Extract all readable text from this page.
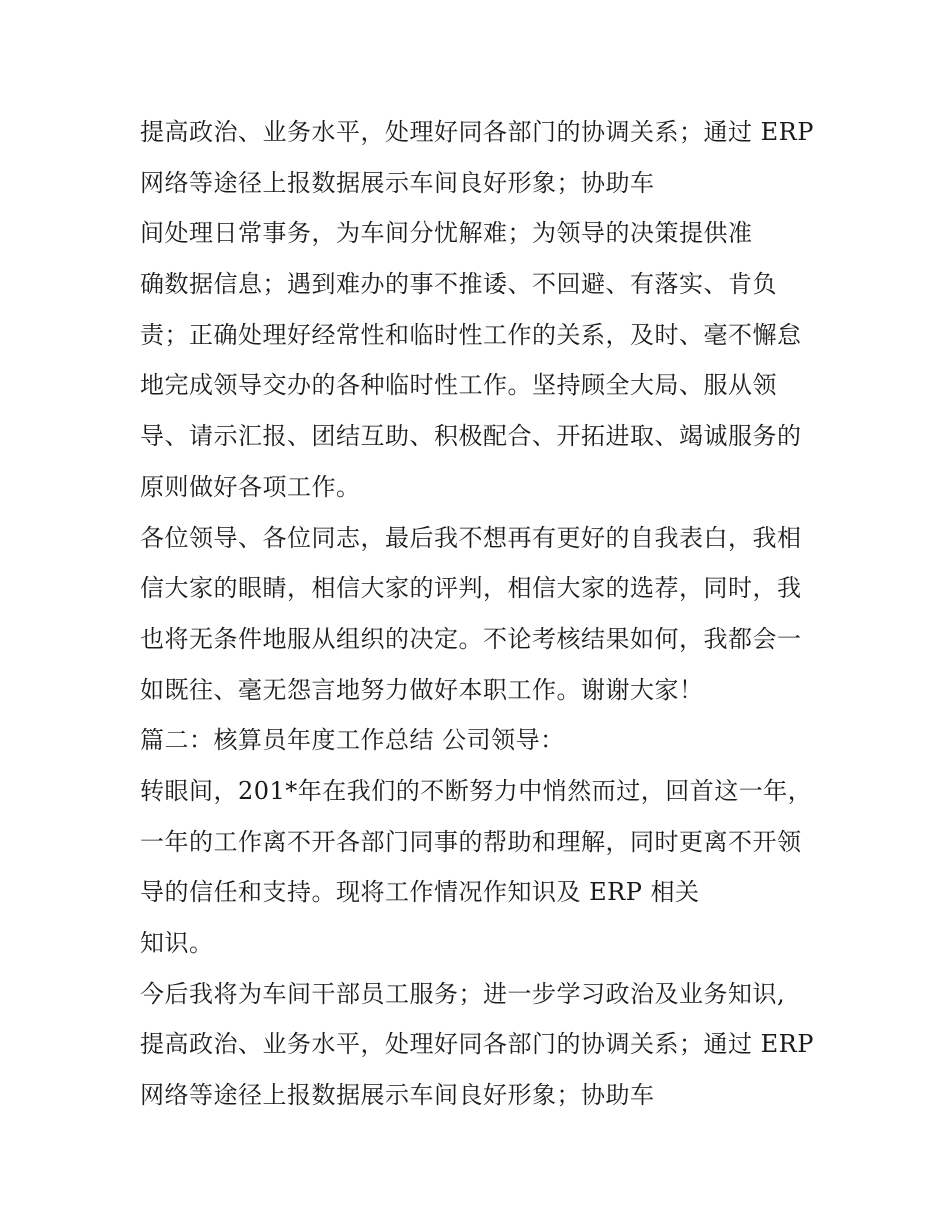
提高政治、业务水平，处理好同各部门的协调关系；通过 ERP
网络等途径上报数据展示车间良好形象；协助车
间处理日常事务，为车间分忧解难；为领导的决策提供准
确数据信息；遇到难办的事不推诿、不回避、有落实、肯负
责；正确处理好经常性和临时性工作的关系，及时、毫不懈怠
地完成领导交办的各种临时性工作。坚持顾全大局、服从领
导、请示汇报、团结互助、积极配合、开拓进取、竭诚服务的
原则做好各项工作。
各位领导、各位同志，最后我不想再有更好的自我表白，我相
信大家的眼睛，相信大家的评判，相信大家的选荐，同时，我
也将无条件地服从组织的决定。不论考核结果如何，我都会一
如既往、毫无怨言地努力做好本职工作。谢谢大家！
篇二：核算员年度工作总结 公司领导：
转眼间，201*年在我们的不断努力中悄然而过，回首这一年，
一年的工作离不开各部门同事的帮助和理解，同时更离不开领
导的信任和支持。现将工作情况作知识及 ERP 相关
知识。
今后我将为车间干部员工服务；进一步学习政治及业务知识,
提高政治、业务水平，处理好同各部门的协调关系；通过 ERP
网络等途径上报数据展示车间良好形象；协助车
